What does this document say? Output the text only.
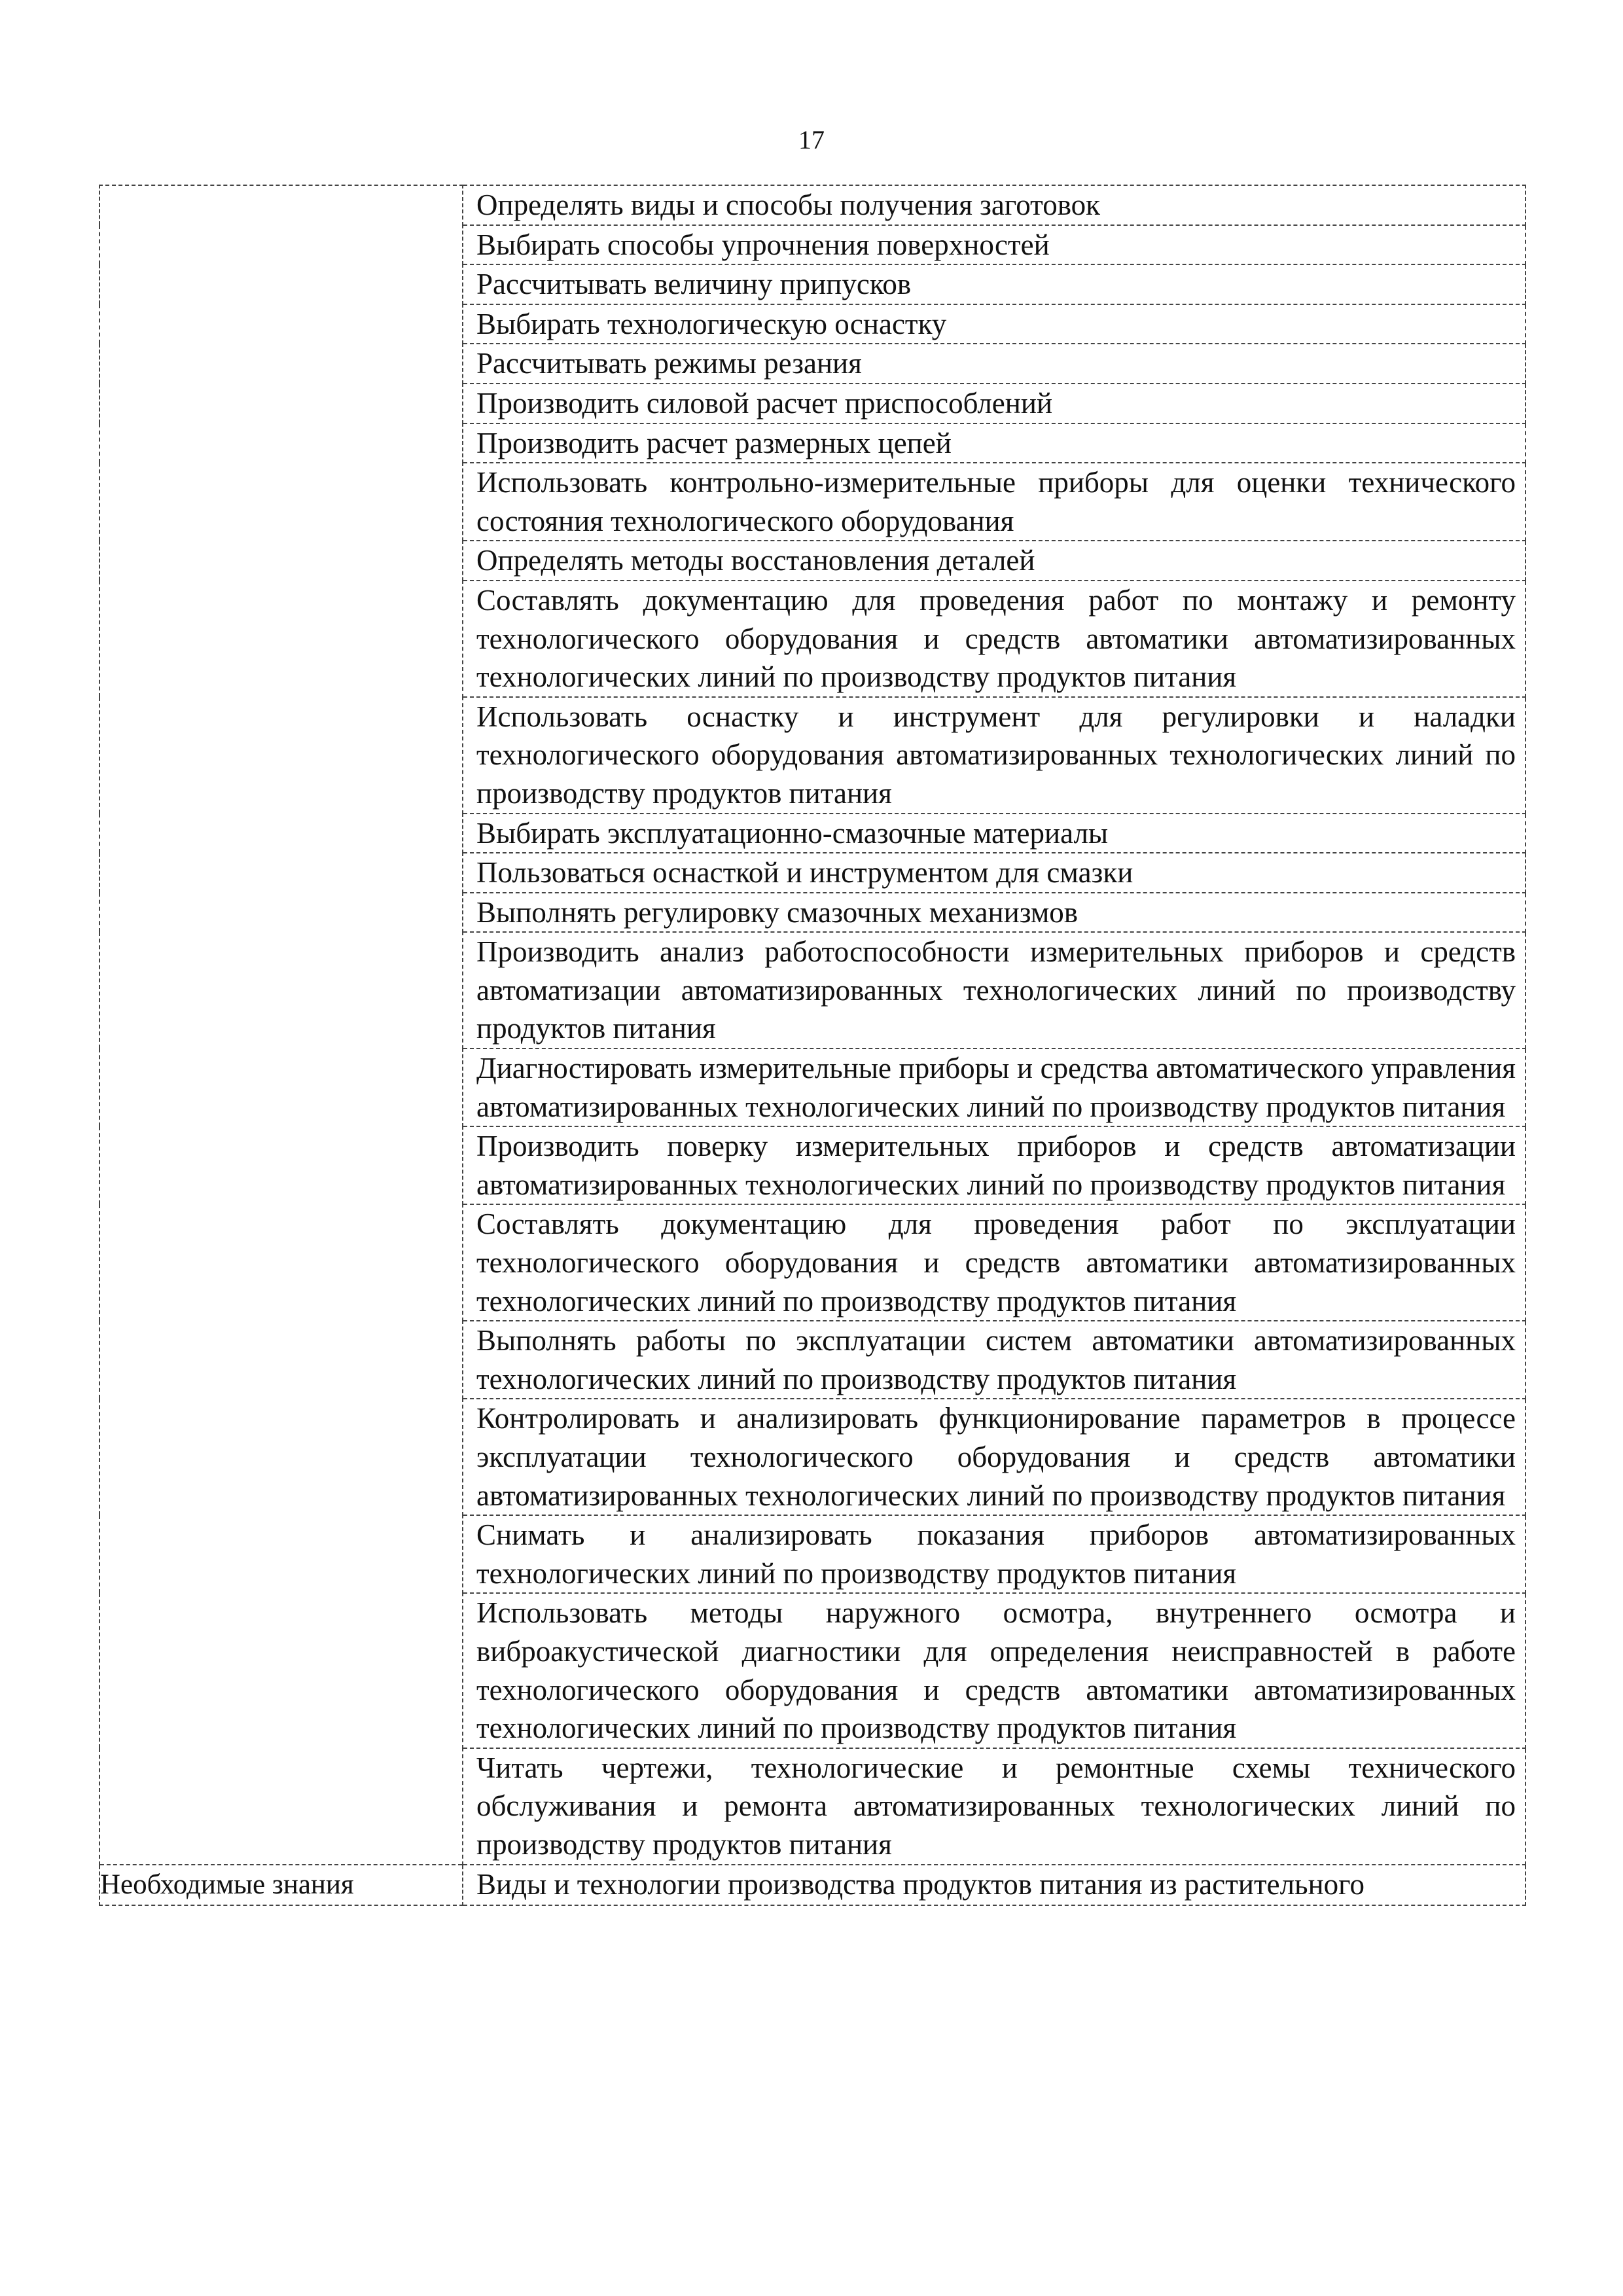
17

	Определять виды и способы получения заготовок

	Выбирать способы упрочнения поверхностей

	Рассчитывать величину припусков

	Выбирать технологическую оснастку

	Рассчитывать режимы резания

	Производить силовой расчет приспособлений

	Производить расчет размерных цепей

	Использовать контрольно-измерительные приборы для оценки технического состояния технологического оборудования

	Определять методы восстановления деталей

	Составлять документацию для проведения работ по монтажу и ремонту технологического оборудования и средств автоматики автоматизированных технологических линий по производству продуктов питания

	Использовать оснастку и инструмент для регулировки и наладки технологического оборудования автоматизированных технологических линий по производству продуктов питания

	Выбирать эксплуатационно-смазочные материалы

	Пользоваться оснасткой и инструментом для смазки

	Выполнять регулировку смазочных механизмов

	Производить анализ работоспособности измерительных приборов и средств автоматизации автоматизированных технологических линий по производству продуктов питания

	Диагностировать измерительные приборы и средства автоматического управления автоматизированных технологических линий по производству продуктов питания

	Производить поверку измерительных приборов и средств автоматизации автоматизированных технологических линий по производству продуктов питания

	Составлять документацию для проведения работ по эксплуатации технологического оборудования и средств автоматики автоматизированных технологических линий по производству продуктов питания

	Выполнять работы по эксплуатации систем автоматики автоматизированных технологических линий по производству продуктов питания

	Контролировать и анализировать функционирование параметров в процессе эксплуатации технологического оборудования и средств автоматики автоматизированных технологических линий по производству продуктов питания

	Снимать и анализировать показания приборов автоматизированных технологических линий по производству продуктов питания

	Использовать методы наружного осмотра, внутреннего осмотра и виброакустической диагностики для определения неисправностей в работе технологического оборудования и средств автоматики автоматизированных технологических линий по производству продуктов питания

	Читать чертежи, технологические и ремонтные схемы технического обслуживания и ремонта автоматизированных технологических линий по производству продуктов питания

Необходимые знания	Виды и технологии производства продуктов питания из растительного
